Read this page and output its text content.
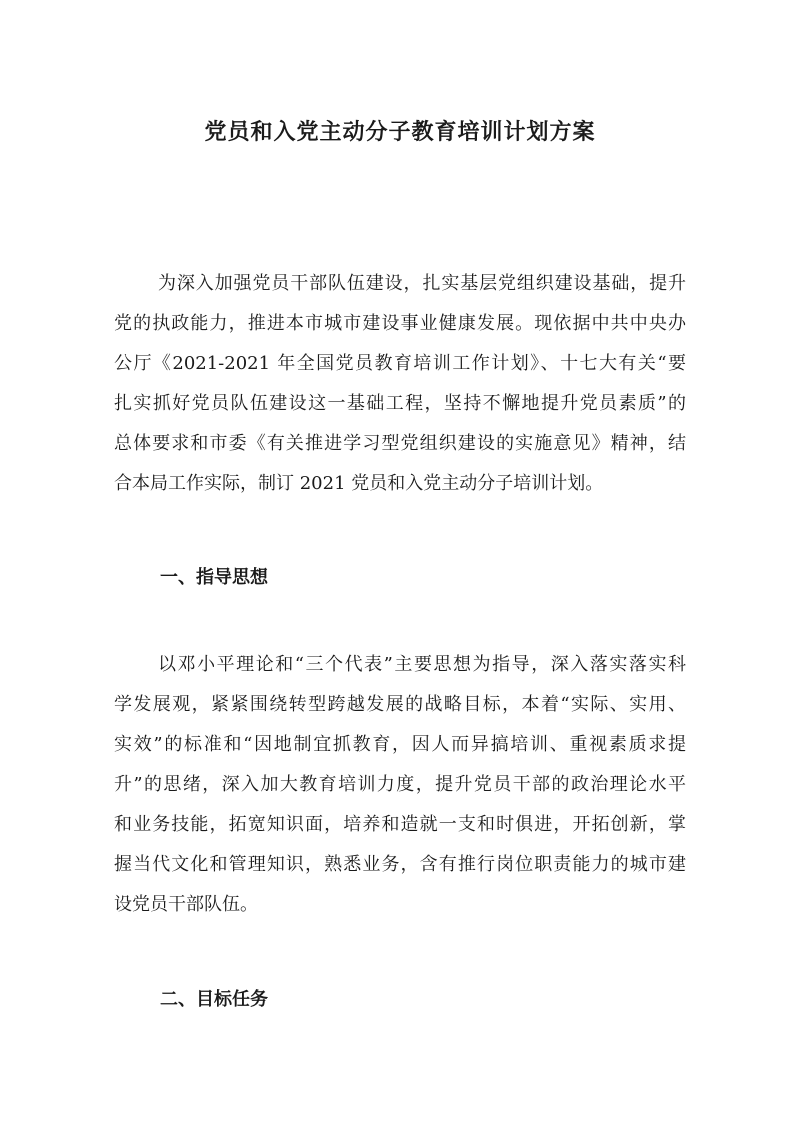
党员和入党主动分子教育培训计划方案
为深入加强党员干部队伍建设，扎实基层党组织建设基础，提升
党的执政能力，推进本市城市建设事业健康发展。现依据中共中央办
公厅《2021-2021 年全国党员教育培训工作计划》、十七大有关“要
扎实抓好党员队伍建设这一基础工程，坚持不懈地提升党员素质”的
总体要求和市委《有关推进学习型党组织建设的实施意见》精神，结
合本局工作实际，制订 2021 党员和入党主动分子培训计划。
一、指导思想
以邓小平理论和“三个代表”主要思想为指导，深入落实落实科
学发展观，紧紧围绕转型跨越发展的战略目标，本着“实际、实用、
实效”的标准和“因地制宜抓教育，因人而异搞培训、重视素质求提
升”的思绪，深入加大教育培训力度，提升党员干部的政治理论水平
和业务技能，拓宽知识面，培养和造就一支和时俱进，开拓创新，掌
握当代文化和管理知识，熟悉业务，含有推行岗位职责能力的城市建
设党员干部队伍。
二、目标任务
